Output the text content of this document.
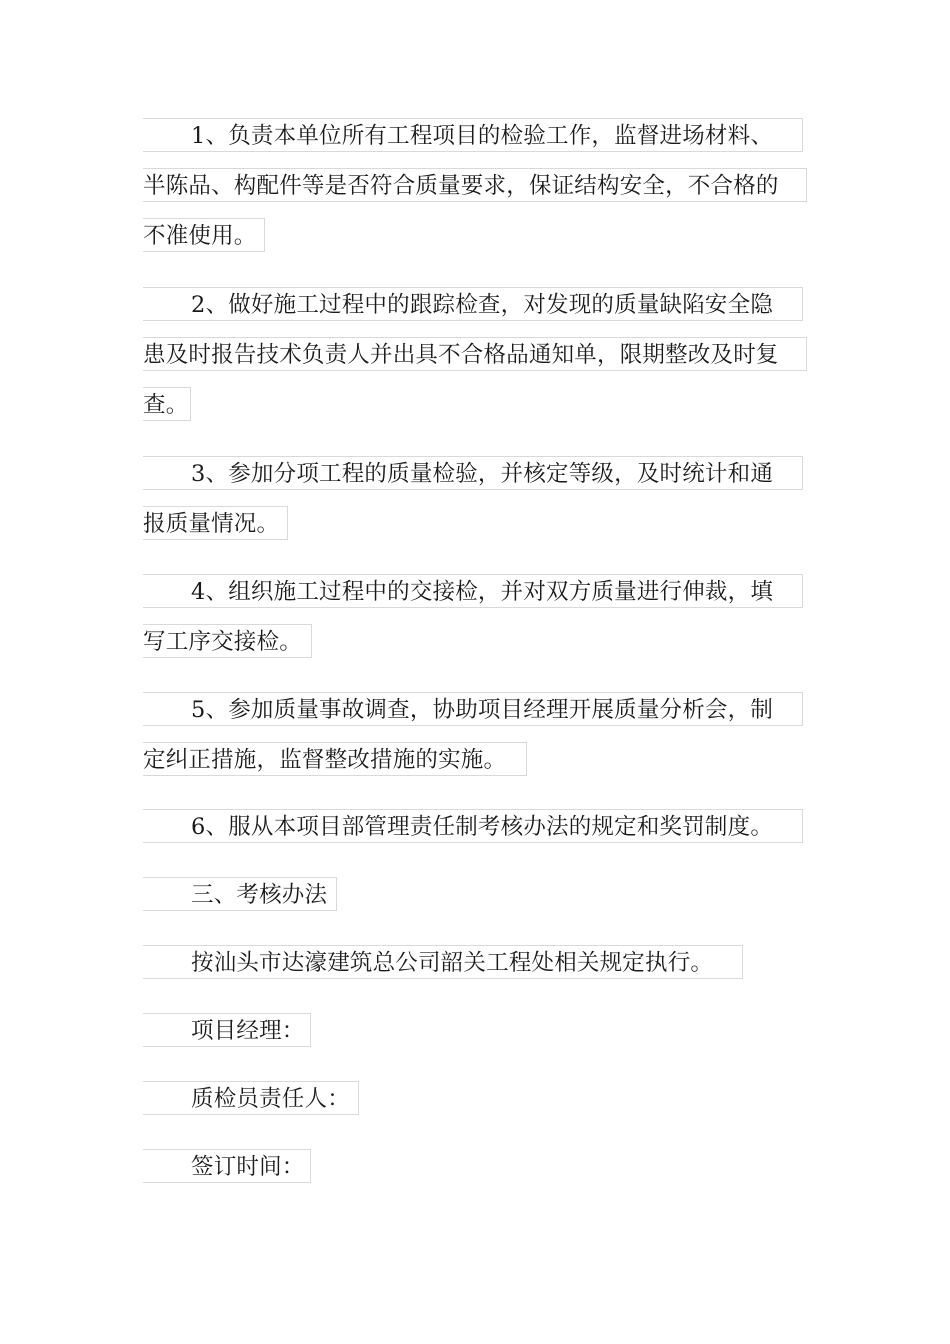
1、负责本单位所有工程项目的检验工作，监督进场材料、
半陈品、构配件等是否符合质量要求，保证结构安全，不合格的
不准使用。
2、做好施工过程中的跟踪检查，对发现的质量缺陷安全隐
患及时报告技术负责人并出具不合格品通知单，限期整改及时复
查。
3、参加分项工程的质量检验，并核定等级，及时统计和通
报质量情况。
4、组织施工过程中的交接检，并对双方质量进行伸裁，填
写工序交接检。
5、参加质量事故调查，协助项目经理开展质量分析会，制
定纠正措施，监督整改措施的实施。
6、服从本项目部管理责任制考核办法的规定和奖罚制度。
三、考核办法
按汕头市达濠建筑总公司韶关工程处相关规定执行。
项目经理：
质检员责任人：
签订时间：
